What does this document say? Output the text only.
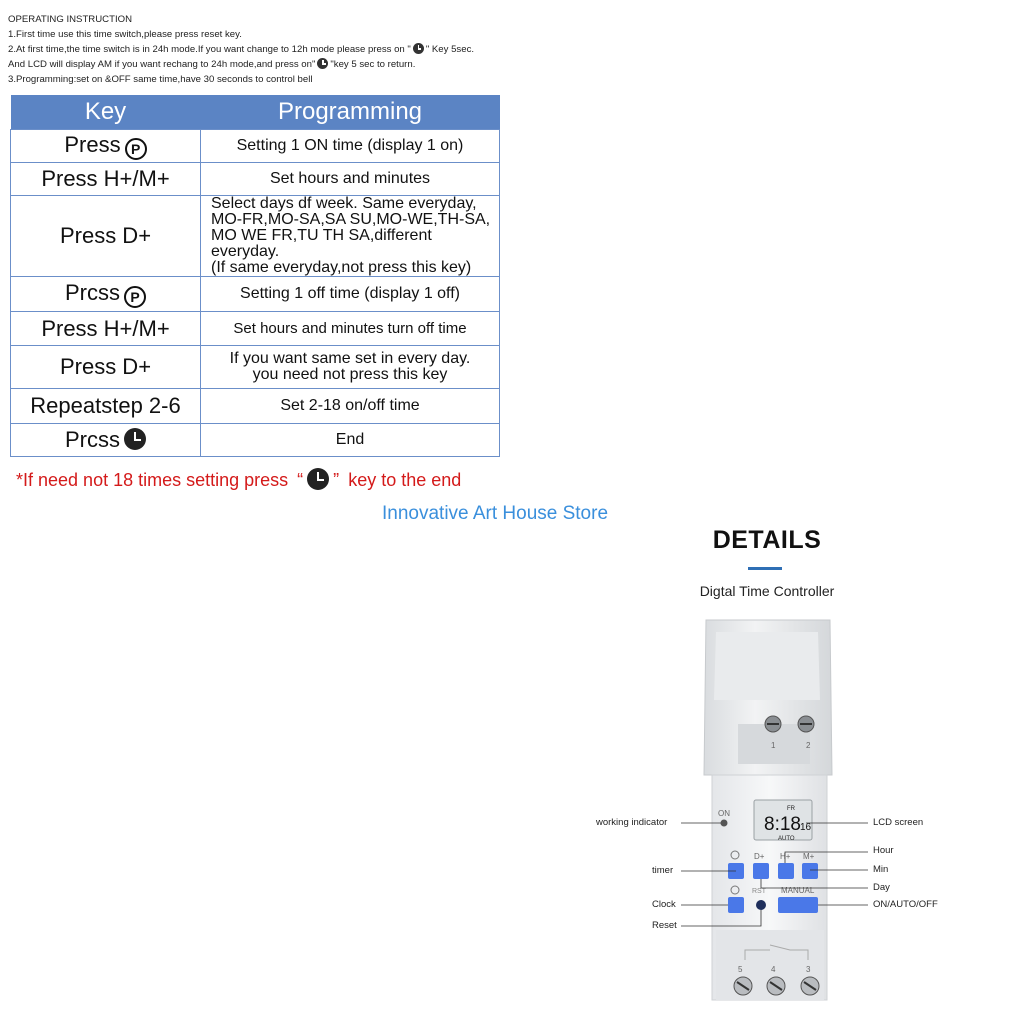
OPERATING INSTRUCTION
1.First time use this time switch,please press reset key.
2.At first time,the time switch is in 24h mode.If you want change to 12h mode please press on " " Key 5sec.
And LCD will display AM if you want rechang to 24h mode,and press on" "key 5 sec to return.
3.Programming:set on &OFF same time,have 30 seconds to control bell
Key	Programming
Press P	Setting 1 ON time (display 1 on)
Press H+/M+	Set hours and minutes
Press D+	Select days df week. Same everyday,
MO-FR,MO-SA,SA SU,MO-WE,TH-SA,
MO WE FR,TU TH SA,different everyday.
(If same everyday,not press this key)

Prcss P	Setting 1 off time (display 1 off)
Press H+/M+	Set hours and minutes turn off time
Press D+	If you want same set in every day.
you need not press this key

Repeatstep 2-6	Set 2-18 on/off time
Prcss	End
*If need not 18 times setting press “ ” key to the end
Innovative Art House Store
DETAILS
Digtal Time Controller
1	2
FR
8:18 16
AUTO
ON
D+ H+ M+
RST MANUAL
5	4	3
working indicator	LCD screen
Hour
timer	Min
Day
Clock	ON/AUTO/OFF
Reset
